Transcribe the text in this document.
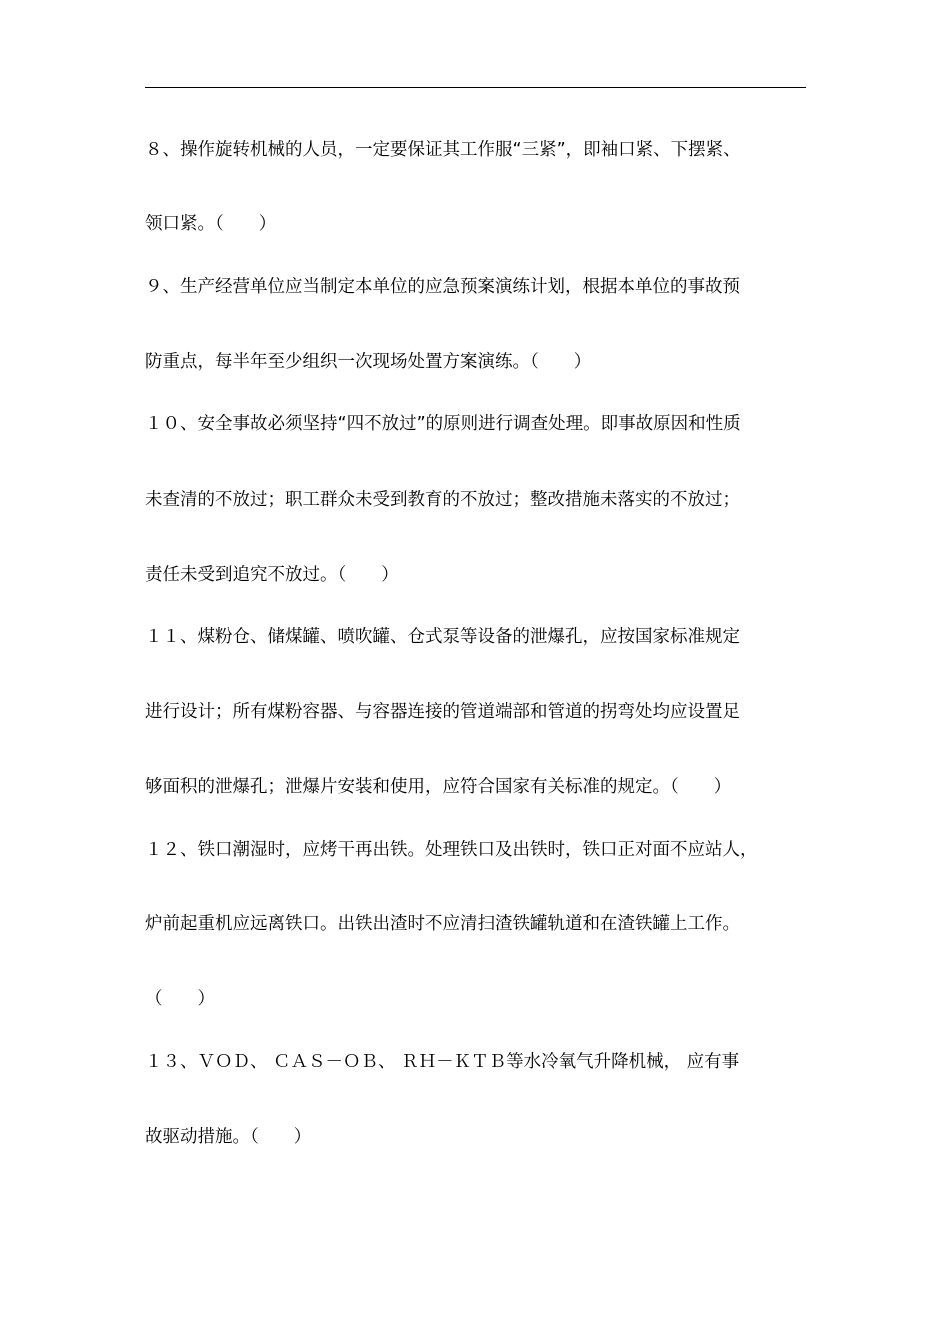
８、操作旋转机械的人员，一定要保证其工作服“三紧”，即袖口紧、下摆紧、

领口紧。（　　）

９、生产经营单位应当制定本单位的应急预案演练计划，根据本单位的事故预

防重点，每半年至少组织一次现场处置方案演练。（　　）

１０、安全事故必须坚持“四不放过”的原则进行调查处理。即事故原因和性质

未查清的不放过；职工群众未受到教育的不放过；整改措施未落实的不放过；

责任未受到追究不放过。（　　）

１１、煤粉仓、储煤罐、喷吹罐、仓式泵等设备的泄爆孔，应按国家标准规定

进行设计；所有煤粉容器、与容器连接的管道端部和管道的拐弯处均应设置足

够面积的泄爆孔；泄爆片安装和使用，应符合国家有关标准的规定。（　　）

１２、铁口潮湿时，应烤干再出铁。处理铁口及出铁时，铁口正对面不应站人，

炉前起重机应远离铁口。出铁出渣时不应清扫渣铁罐轨道和在渣铁罐上工作。

（　　）

１３、ＶＯＤ、 ＣＡＳ－ＯＢ、 ＲＨ－ＫＴＢ等水冷氧气升降机械， 应有事

故驱动措施。（　　）
